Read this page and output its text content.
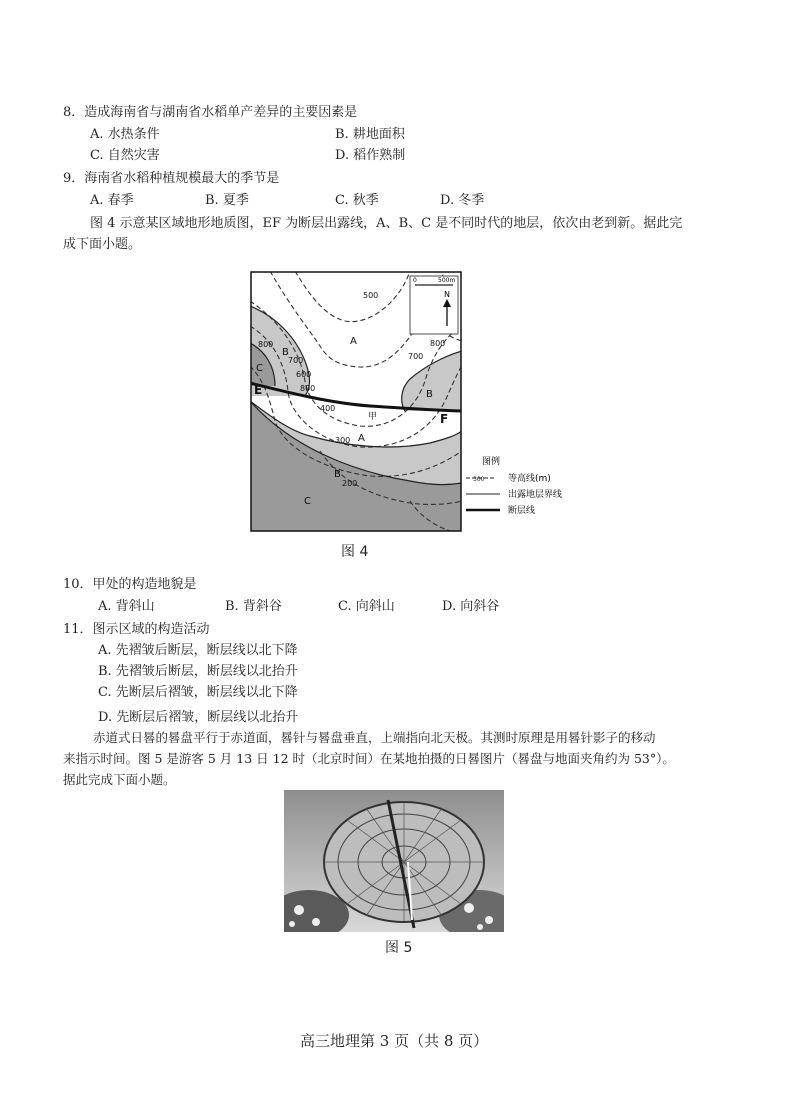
8．造成海南省与湖南省水稻单产差异的主要因素是
A. 水热条件	B. 耕地面积
C. 自然灾害	D. 稻作熟制
9．海南省水稻种植规模最大的季节是
A. 春季	B. 夏季	C. 秋季	D. 冬季
图 4 示意某区域地形地质图，EF 为断层出露线，A、B、C 是不同时代的地层，依次由老到新。据此完
成下面小题。
0	500m
N
500
800
700
600
800
400
300
200
800
700
A
B
C
B
A
B
C
E
F
甲
图例
300	等高线(m)
出露地层界线
断层线
图 4
10．甲处的构造地貌是
A. 背斜山	B. 背斜谷	C. 向斜山	D. 向斜谷
11．图示区域的构造活动
A. 先褶皱后断层，断层线以北下降
B. 先褶皱后断层，断层线以北抬升
C. 先断层后褶皱，断层线以北下降
D. 先断层后褶皱，断层线以北抬升
赤道式日晷的晷盘平行于赤道面，晷针与晷盘垂直，上端指向北天极。其测时原理是用晷针影子的移动
来指示时间。图 5 是游客 5 月 13 日 12 时（北京时间）在某地拍摄的日晷图片（晷盘与地面夹角约为 53°）。
据此完成下面小题。
图 5
高三地理第 3 页（共 8 页）
